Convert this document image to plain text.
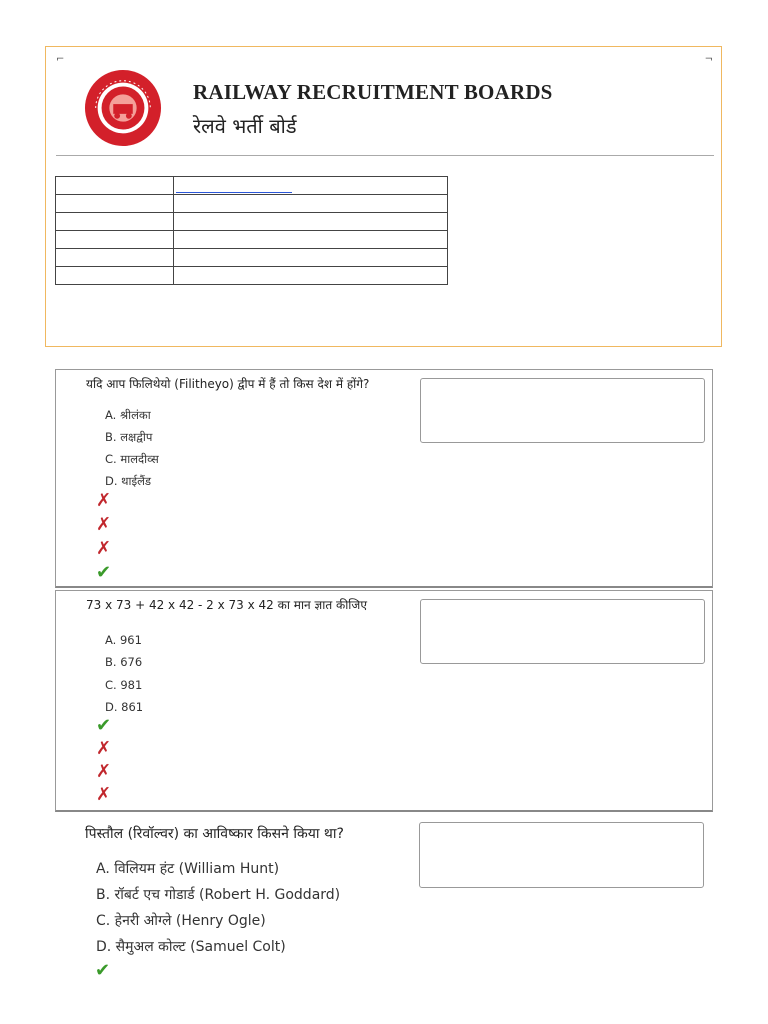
⌐	¬
RAILWAY RECRUITMENT BOARDS
रेलवे भर्ती बोर्ड

यदि आप फिलिथेयो (Filitheyo) द्वीप में हैं तो किस देश में होंगे?
A. श्रीलंका
B. लक्षद्वीप
C. मालदीव्स
D. थाईलैंड
✗
✗
✗
✔
73 x 73 + 42 x 42 - 2 x 73 x 42 का मान ज्ञात कीजिए
A. 961
B. 676
C. 981
D. 861
✔
✗
✗
✗
पिस्तौल (रिवॉल्वर) का आविष्कार किसने किया था?
A. विलियम हंट (William Hunt)
B. रॉबर्ट एच गोडार्ड (Robert H. Goddard)
C. हेनरी ओग्ले (Henry Ogle)
D. सैमुअल कोल्ट (Samuel Colt)
✔
